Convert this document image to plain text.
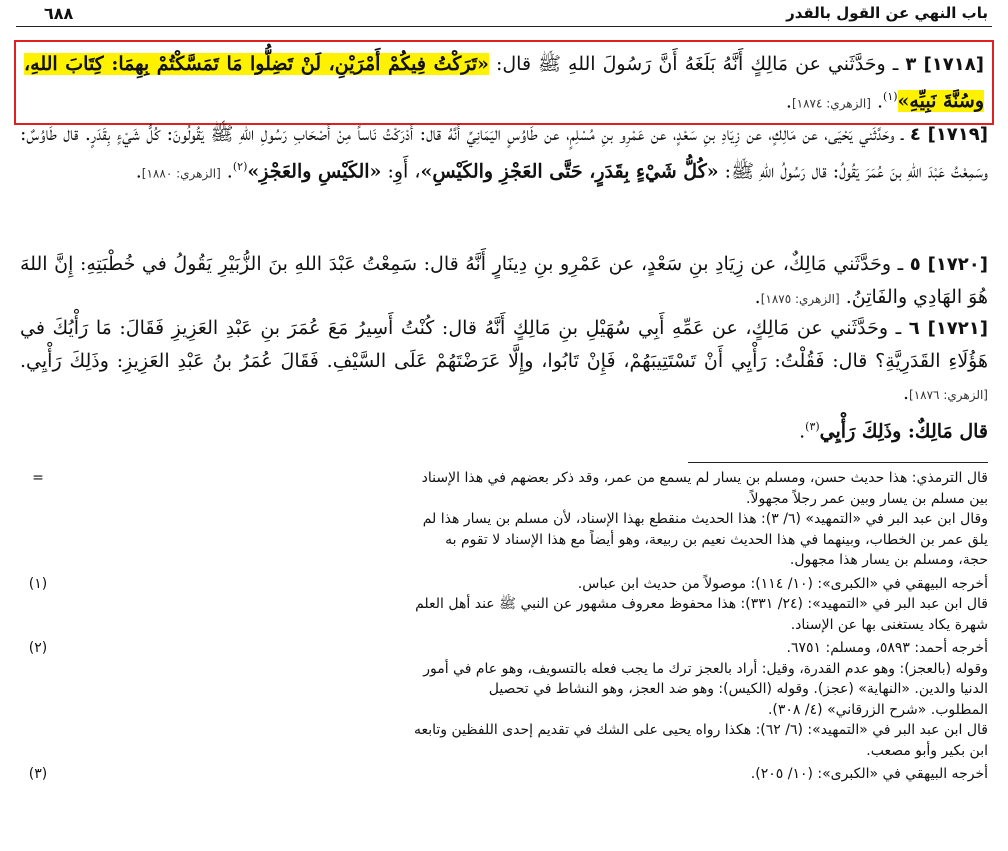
باب النهي عن القول بالقدر
٦٨٨
[١٧١٨] ٣ ـ وحَدَّثَني عن مَالِكٍ أَنَّهُ بَلَغَهُ أَنَّ رَسُولَ اللهِ ﷺ قال: «تَرَكْتُ فِيكُمْ أَمْرَيْنِ، لَنْ تَضِلُّوا مَا تَمَسَّكْتُمْ بِهِمَا: كِتَابَ اللهِ، وسُنَّةَ نَبِيِّهِ»$^{(١)}$. [الزهري: ١٨٧٤].
[١٧١٩] ٤ ـ وحَدَّثَني يَحْيَى، عن مَالِكٍ، عن زِيَادِ بنِ سَعْدٍ، عن عَمْرِو بنِ مُسْلِمٍ، عن طَاوُسٍ اليَمَانِيِّ أَنَّهُ قال: أَدْرَكْتُ نَاساً مِنْ أَصْحَابِ رَسُولِ اللهِ ﷺ يَقُولُونَ: كُلُّ شَيْءٍ بِقَدَرٍ. قال طَاوُسٌ: وسَمِعْتُ عَبْدَ اللهِ بنَ عُمَرَ يَقُولُ: قال رَسُولُ اللهِ ﷺ: «كُلُّ شَيْءٍ بِقَدَرٍ، حَتَّى العَجْزِ والكَيْسِ»، أَوِ: «الكَيْسِ والعَجْزِ»$^{(٢)}$. [الزهري: ١٨٨٠].
[١٧٢٠] ٥ ـ وحَدَّثَني مَالِكٌ، عن زِيَادِ بنِ سَعْدٍ، عن عَمْرِو بنِ دِينَارٍ أَنَّهُ قال: سَمِعْتُ عَبْدَ اللهِ بنَ الزُّبَيْرِ يَقُولُ في خُطْبَتِهِ: إِنَّ اللهَ هُوَ الهَادِي والفَاتِنُ. [الزهري: ١٨٧٥].
[١٧٢١] ٦ ـ وحَدَّثَني عن مَالِكٍ، عن عَمِّهِ أَبِي سُهَيْلِ بنِ مَالِكٍ أَنَّهُ قال: كُنْتُ أَسِيرُ مَعَ عُمَرَ بنِ عَبْدِ العَزِيزِ فَقَالَ: مَا رَأْيُكَ في هَؤُلَاءِ القَدَرِيَّةِ؟ قال: فَقُلْتُ: رَأْيِي أَنْ تَسْتَتِيبَهُمْ، فَإِنْ تَابُوا، وإِلَّا عَرَضْتَهُمْ عَلَى السَّيْفِ. فَقَالَ عُمَرُ بنُ عَبْدِ العَزِيزِ: وذَلِكَ رَأْيِي. [الزهري: ١٨٧٦].
قال مَالِكٌ: وذَلِكَ رَأْيِي$^{(٣)}$.
=	قال الترمذي: هذا حديث حسن، ومسلم بن يسار لم يسمع من عمر، وقد ذكر بعضهم في هذا الإسناد
بين مسلم بن يسار وبين عمر رجلاً مجهولاً.
وقال ابن عبد البر في «التمهيد» (٦/ ٣): هذا الحديث منقطع بهذا الإسناد، لأن مسلم بن يسار هذا لم
يلق عمر بن الخطاب، وبينهما في هذا الحديث نعيم بن ربيعة، وهو أيضاً مع هذا الإسناد لا تقوم به
حجة، ومسلم بن يسار هذا مجهول.
(١)	أخرجه البيهقي في «الكبرى»: (١٠/ ١١٤): موصولاً من حديث ابن عباس.
قال ابن عبد البر في «التمهيد»: (٢٤/ ٣٣١): هذا محفوظ معروف مشهور عن النبي ﷺ عند أهل العلم
شهرة يكاد يستغنى بها عن الإسناد.
(٢)	أخرجه أحمد: ٥٨٩٣، ومسلم: ٦٧٥١.
وقوله (بالعجز): وهو عدم القدرة، وقيل: أراد بالعجز ترك ما يجب فعله بالتسويف، وهو عام في أمور
الدنيا والدين. «النهاية» (عجز). وقوله (الكيس): وهو ضد العجز، وهو النشاط في تحصيل
المطلوب. «شرح الزرقاني» (٤/ ٣٠٨).
قال ابن عبد البر في «التمهيد»: (٦/ ٦٢): هكذا رواه يحيى على الشك في تقديم إحدى اللفظين وتابعه
ابن بكير وأبو مصعب.
(٣)	أخرجه البيهقي في «الكبرى»: (١٠/ ٢٠٥).
